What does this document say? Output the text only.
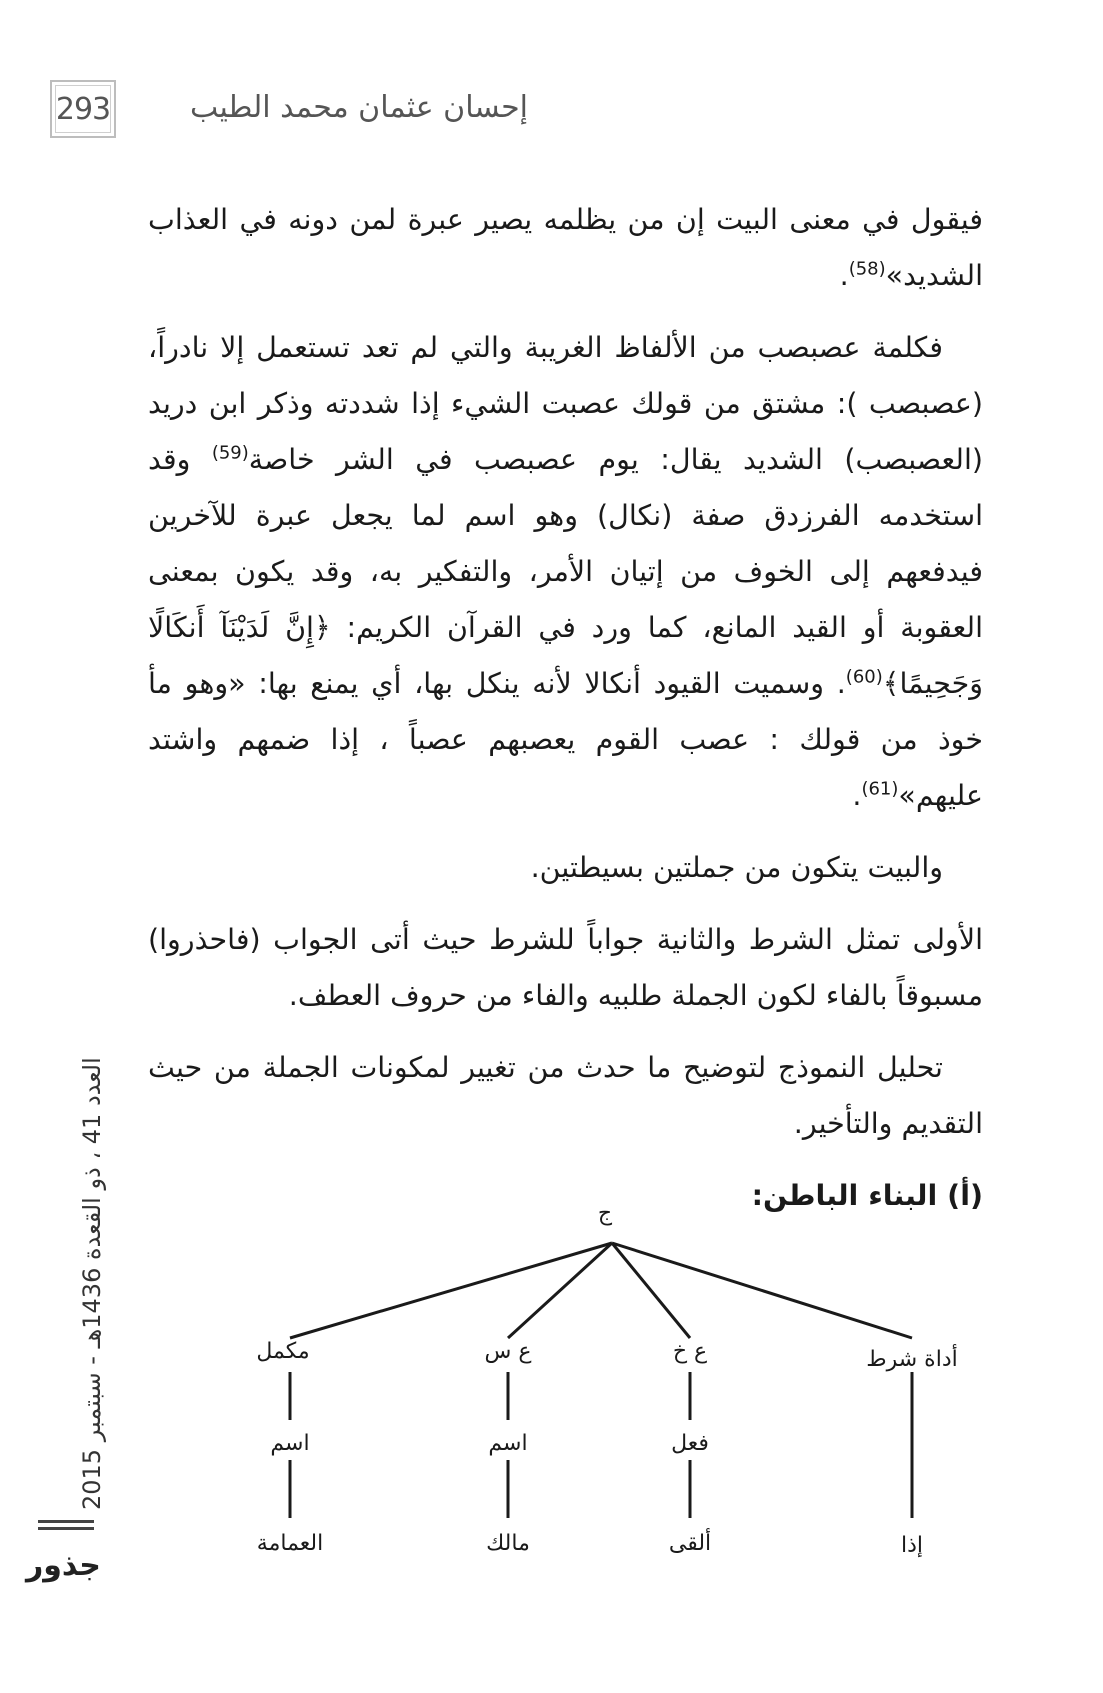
293	إحسان عثمان محمد الطيب

فيقول في معنى البيت إن من يظلمه يصير عبرة لمن دونه في العذاب الشديد»$^{(58)}$.

فكلمة عصبصب من الألفاظ الغريبة والتي لم تعد تستعمل إلا نادراً، (عصبصب ): مشتق من قولك عصبت الشيء إذا شددته وذكر ابن دريد (العصبصب) الشديد يقال: يوم عصبصب في الشر خاصة$^{(59)}$ وقد استخدمه الفرزدق صفة (نكال) وهو اسم لما يجعل عبرة للآخرين فيدفعهم إلى الخوف من إتيان الأمر، والتفكير به، وقد يكون بمعنى العقوبة أو القيد المانع، كما ورد في القرآن الكريم: ﴿إِنَّ لَدَيْنَآ أَنكَالًا وَجَحِيمًا﴾$^{(60)}$. وسميت القيود أنكالا لأنه ينكل بها، أي يمنع بها: «وهو مأ خوذ من قولك : عصب القوم يعصبهم عصباً ، إذا ضمهم واشتد عليهم»$^{(61)}$.

والبيت يتكون من جملتين بسيطتين.

الأولى تمثل الشرط والثانية جواباً للشرط حيث أتى الجواب (فاحذروا) مسبوقاً بالفاء لكون الجملة طلبيه والفاء من حروف العطف.

تحليل النموذج لتوضيح ما حدث من تغيير لمكونات الجملة من حيث التقديم والتأخير.

(أ) البناء الباطن:

ج
أداة شرط
إذا
ع خ
فعل
ألقى
ع س
اسم
مالك
مكمل
اسم
العمامة
العدد 41 ، ذو القعدة 1436هـ - سبتمبر 2015
جذور
